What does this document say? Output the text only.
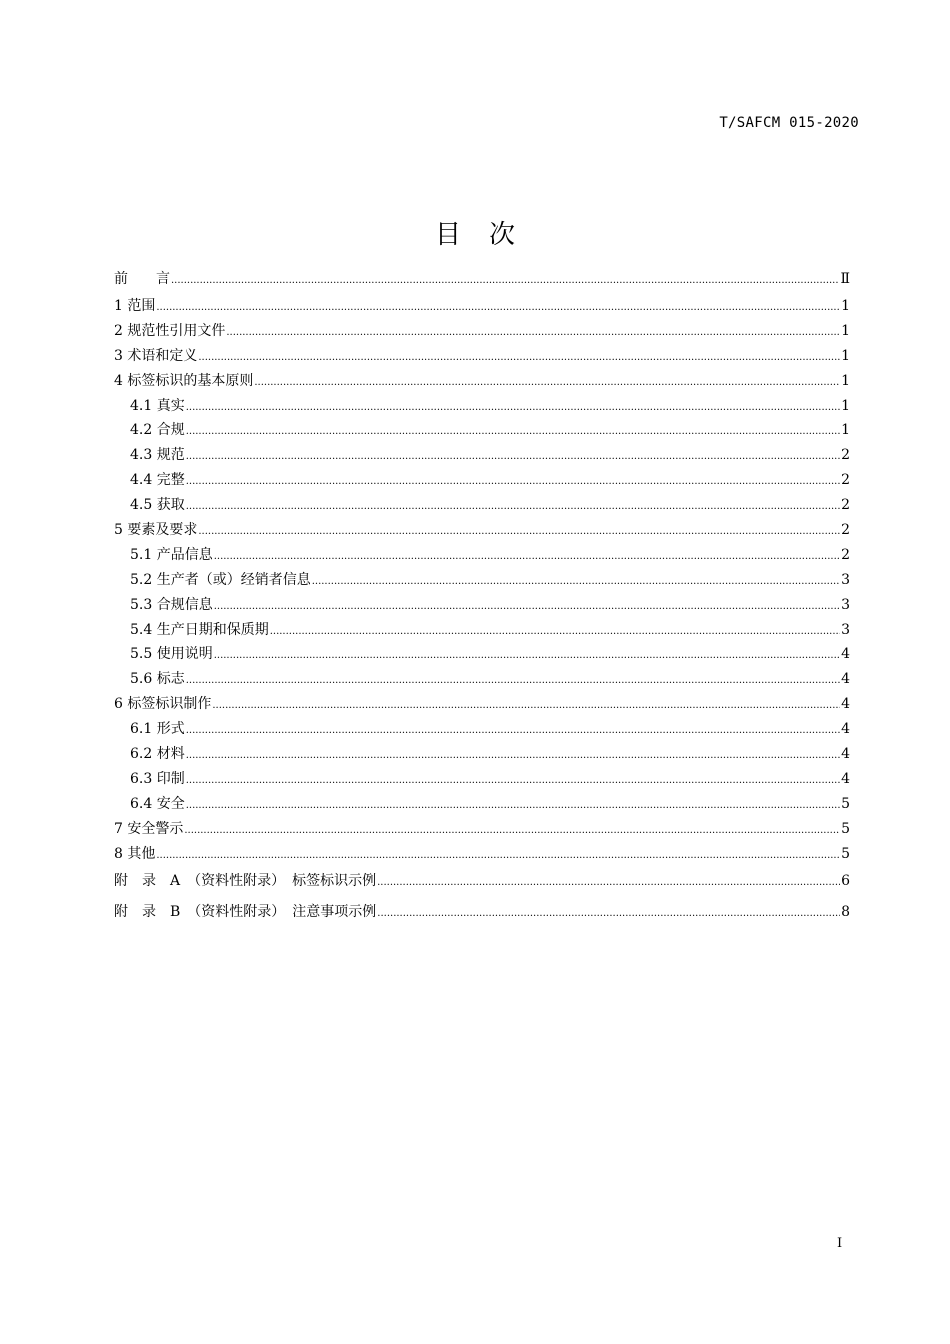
T/SAFCM 015-2020
目次
前　　言 .....	Ⅱ
1 范围 .....	1
2 规范性引用文件 .....	1
3 术语和定义 .....	1
4 标签标识的基本原则 .....	1
4.1 真实 .....	1
4.2 合规 .....	1
4.3 规范 .....	2
4.4 完整 .....	2
4.5 获取 .....	2
5 要素及要求 .....	2
5.1 产品信息 .....	2
5.2 生产者（或）经销者信息 .....	3
5.3 合规信息 .....	3
5.4 生产日期和保质期 .....	3
5.5 使用说明 .....	4
5.6 标志 .....	4
6 标签标识制作 .....	4
6.1 形式 .....	4
6.2 材料 .....	4
6.3 印制 .....	4
6.4 安全 .....	5
7 安全警示 .....	5
8 其他 .....	5
附　录　A　（资料性附录）　标签标识示例 .....	6
附　录　B　（资料性附录）　注意事项示例 .....	8
I
